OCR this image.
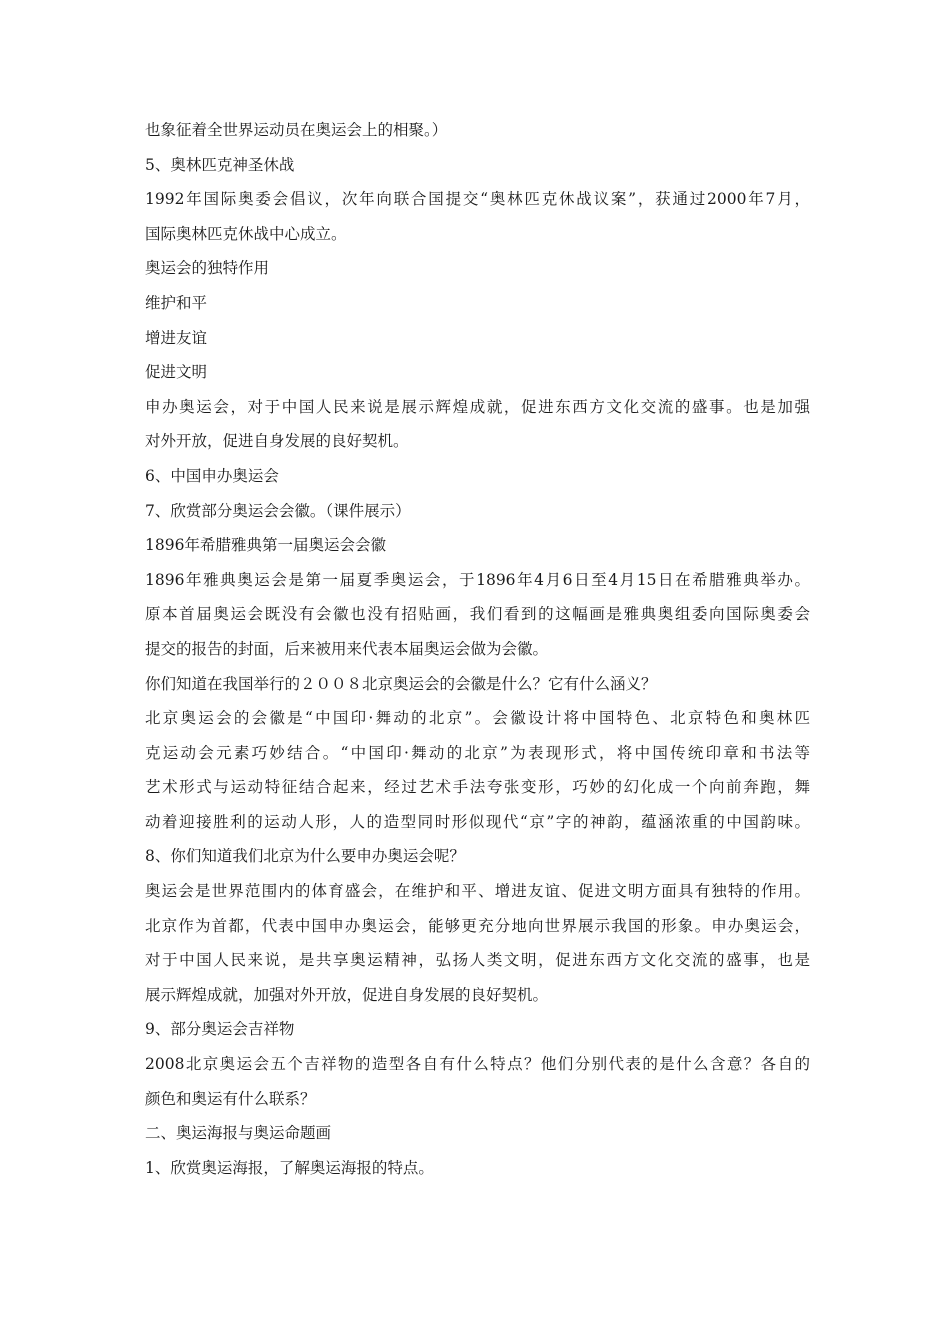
也象征着全世界运动员在奥运会上的相聚。）
5、奥林匹克神圣休战
1992年国际奥委会倡议，次年向联合国提交“奥林匹克休战议案”，获通过2000年7月，
国际奥林匹克休战中心成立。
奥运会的独特作用
维护和平
增进友谊
促进文明
申办奥运会，对于中国人民来说是展示辉煌成就，促进东西方文化交流的盛事。也是加强
对外开放，促进自身发展的良好契机。
6、中国申办奥运会
7、欣赏部分奥运会会徽。（课件展示）
1896年希腊雅典第一届奥运会会徽
1896年雅典奥运会是第一届夏季奥运会，于1896年4月6日至4月15日在希腊雅典举办。
原本首届奥运会既没有会徽也没有招贴画，我们看到的这幅画是雅典奥组委向国际奥委会
提交的报告的封面，后来被用来代表本届奥运会做为会徽。
你们知道在我国举行的２００８北京奥运会的会徽是什么？它有什么涵义？
北京奥运会的会徽是“中国印·舞动的北京”。会徽设计将中国特色、北京特色和奥林匹
克运动会元素巧妙结合。“中国印·舞动的北京”为表现形式，将中国传统印章和书法等
艺术形式与运动特征结合起来，经过艺术手法夸张变形，巧妙的幻化成一个向前奔跑，舞
动着迎接胜利的运动人形，人的造型同时形似现代“京”字的神韵，蕴涵浓重的中国韵味。
8、你们知道我们北京为什么要申办奥运会呢？
奥运会是世界范围内的体育盛会，在维护和平、增进友谊、促进文明方面具有独特的作用。
北京作为首都，代表中国申办奥运会，能够更充分地向世界展示我国的形象。申办奥运会，
对于中国人民来说，是共享奥运精神，弘扬人类文明，促进东西方文化交流的盛事，也是
展示辉煌成就，加强对外开放，促进自身发展的良好契机。
9、部分奥运会吉祥物
2008北京奥运会五个吉祥物的造型各自有什么特点？他们分别代表的是什么含意？各自的
颜色和奥运有什么联系？
二、奥运海报与奥运命题画
1、欣赏奥运海报，了解奥运海报的特点。
